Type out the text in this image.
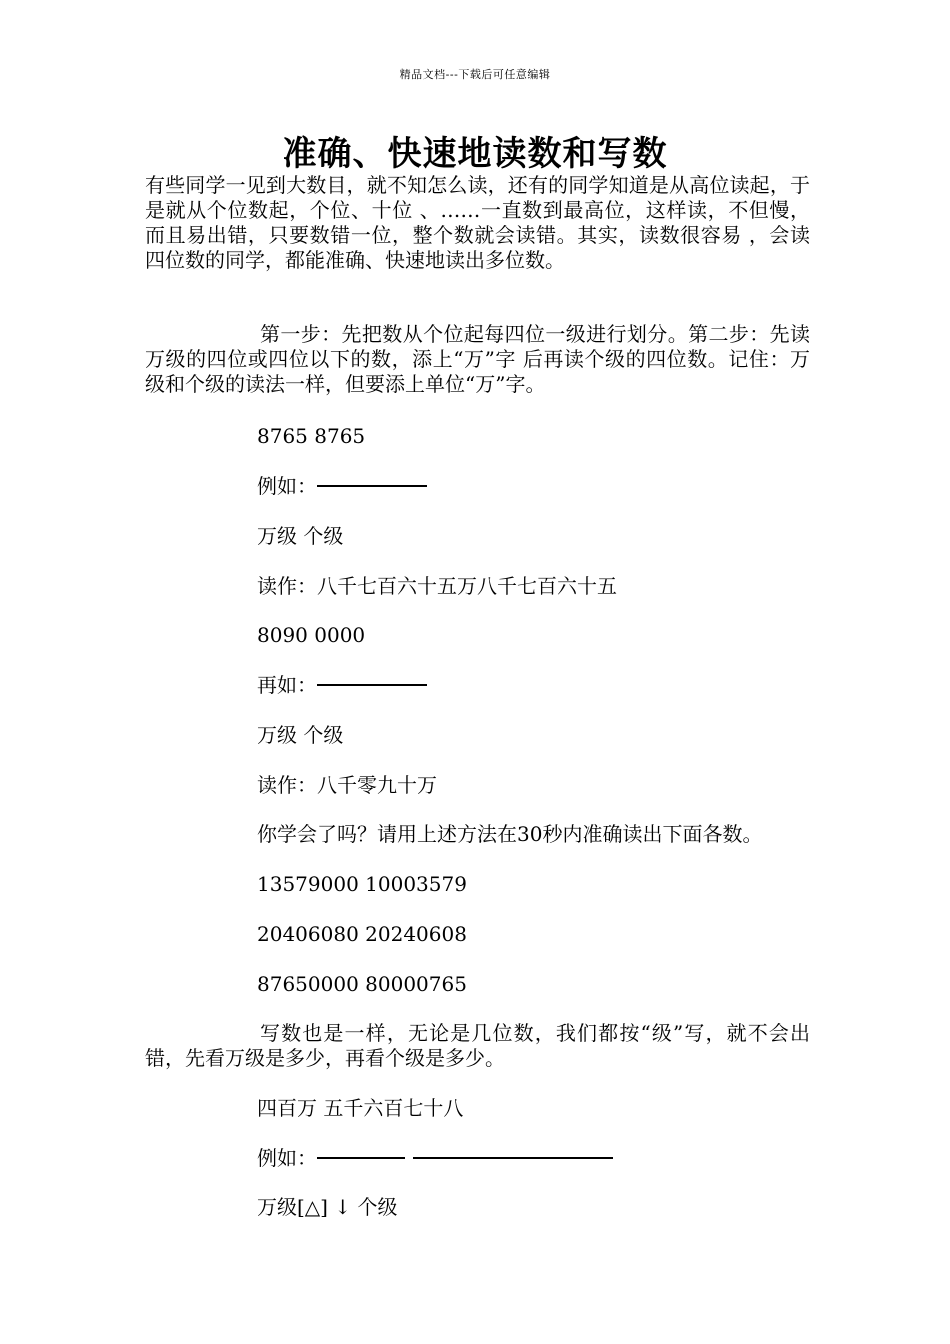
精品文档---下载后可任意编辑
准确、快速地读数和写数
有些同学一见到大数目，就不知怎么读，还有的同学知道是从高位读起，于是就从个位数起，个位、十位 、……一直数到最高位，这样读，不但慢，而且易出错，只要数错一位，整个数就会读错。其实，读数很容易 ，会读四位数的同学，都能准确、快速地读出多位数。
第一步：先把数从个位起每四位一级进行划分。第二步：先读万级的四位或四位以下的数，添上“万”字 后再读个级的四位数。记住：万级和个级的读法一样，但要添上单位“万”字。
8765 8765
例如：
万级 个级
读作：八千七百六十五万八千七百六十五
8090 0000
再如：
万级 个级
读作：八千零九十万
你学会了吗？请用上述方法在30秒内准确读出下面各数。
13579000 10003579
20406080 20240608
87650000 80000765
写数也是一样，无论是几位数，我们都按“级”写，就不会出错，先看万级是多少，再看个级是多少。
四百万 五千六百七十八
例如：
万级[△] ↓ 个级
